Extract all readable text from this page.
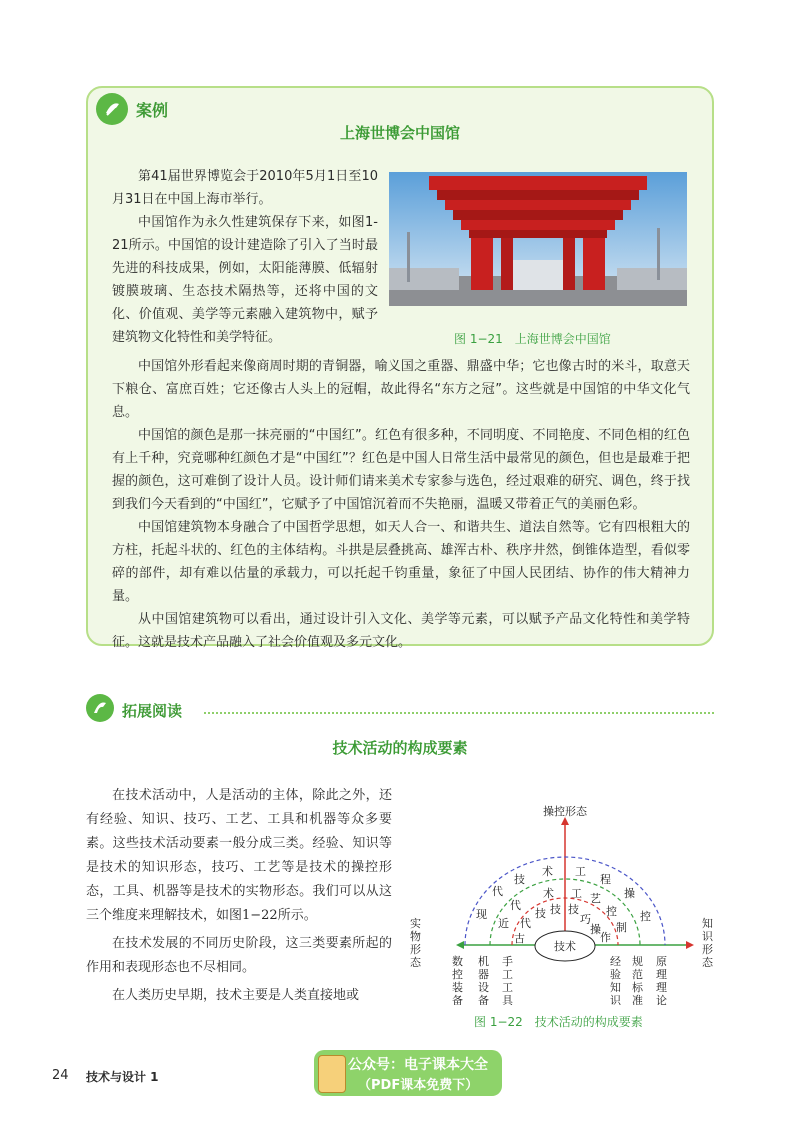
案例
上海世博会中国馆

第41届世界博览会于2010年5月1日至10月31日在中国上海市举行。

中国馆作为永久性建筑保存下来，如图1-21所示。中国馆的设计建造除了引入了当时最先进的科技成果，例如，太阳能薄膜、低辐射镀膜玻璃、生态技术隔热等，还将中国的文化、价值观、美学等元素融入建筑物中，赋予建筑物文化特性和美学特征。	图 1−21　上海世博会中国馆

中国馆外形看起来像商周时期的青铜器，喻义国之重器、鼎盛中华；它也像古时的米斗，取意天下粮仓、富庶百姓；它还像古人头上的冠帽，故此得名“东方之冠”。这些就是中国馆的中华文化气息。

中国馆的颜色是那一抹亮丽的“中国红”。红色有很多种，不同明度、不同艳度、不同色相的红色有上千种，究竟哪种红颜色才是“中国红”？红色是中国人日常生活中最常见的颜色，但也是最难于把握的颜色，这可难倒了设计人员。设计师们请来美术专家参与选色，经过艰难的研究、调色，终于找到我们今天看到的“中国红”，它赋予了中国馆沉着而不失艳丽，温暖又带着正气的美丽色彩。

中国馆建筑物本身融合了中国哲学思想，如天人合一、和谐共生、道法自然等。它有四根粗大的方柱，托起斗状的、红色的主体结构。斗拱是层叠挑高、雄浑古朴、秩序井然，倒锥体造型，看似零碎的部件，却有难以估量的承载力，可以托起千钧重量，象征了中国人民团结、协作的伟大精神力量。

从中国馆建筑物可以看出，通过设计引入文化、美学等元素，可以赋予产品文化特性和美学特征。这就是技术产品融入了社会价值观及多元文化。

拓展阅读
技术活动的构成要素

在技术活动中，人是活动的主体，除此之外，还有经验、知识、技巧、工艺、工具和机器等众多要素。这些技术活动要素一般分成三类。经验、知识等是技术的知识形态，技巧、工艺等是技术的操控形态，工具、机器等是技术的实物形态。我们可以从这三个维度来理解技术，如图1−22所示。

在技术发展的不同历史阶段，这三类要素所起的作用和表现形态也不尽相同。

在人类历史早期，技术主要是人类直接地或

技术
操控形态
实物形态
知识形态
技
术 工
程
代
现
操
控
代
近
术 工 艺
控
制
代
古
技 技 技
巧
操
作
数控装备
机器设备
手工工具
经验知识
规范标准
原理理论
图 1−22　技术活动的构成要素
24 技术与设计 1
公众号：电子课本大全
（PDF课本免费下）
